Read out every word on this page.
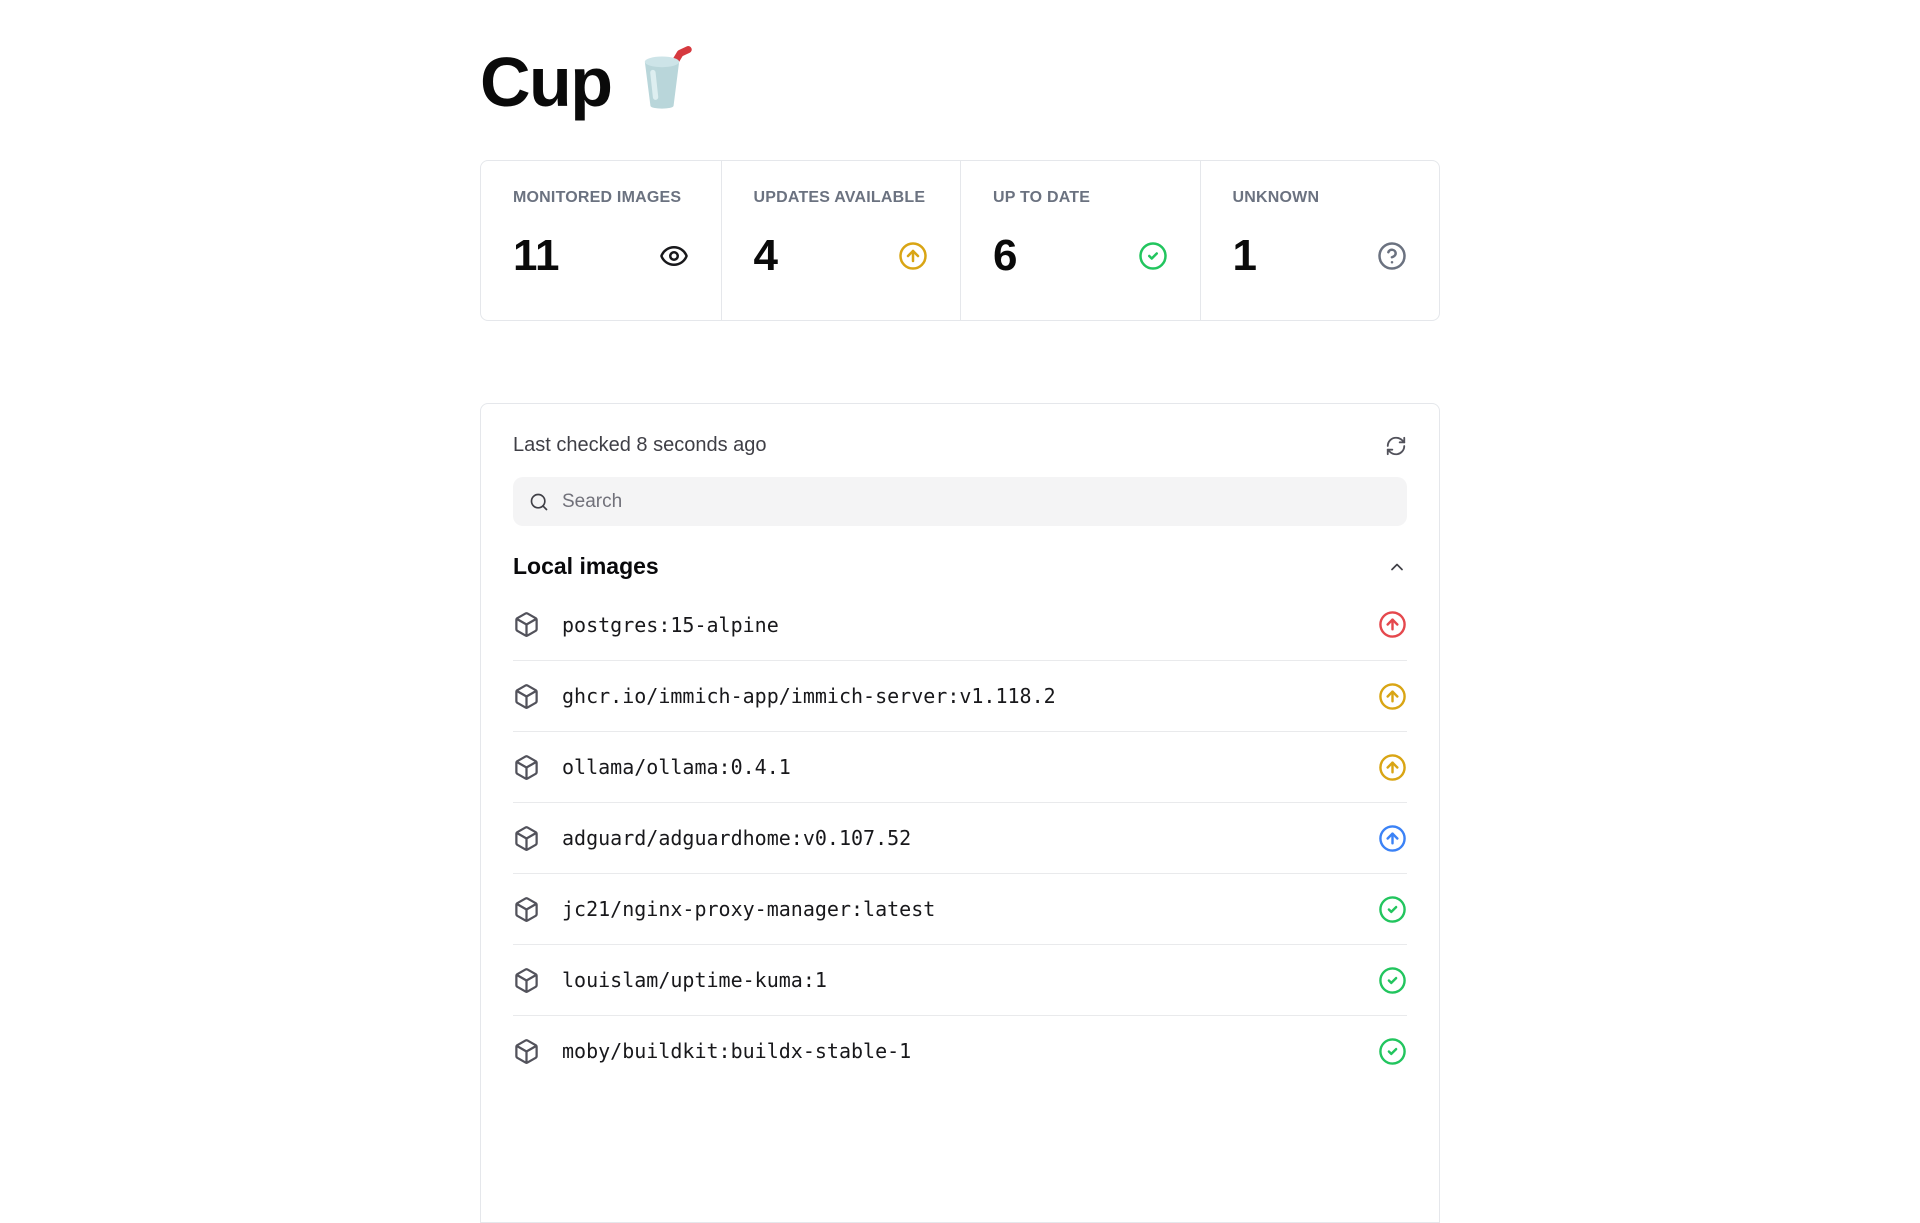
Cup
MONITORED IMAGES
11
UPDATES AVAILABLE
4
UP TO DATE
6
UNKNOWN
1
Last checked 8 seconds ago
Search
Local images
postgres:15-alpine
ghcr.io/immich-app/immich-server:v1.118.2
ollama/ollama:0.4.1
adguard/adguardhome:v0.107.52
jc21/nginx-proxy-manager:latest
louislam/uptime-kuma:1
moby/buildkit:buildx-stable-1
